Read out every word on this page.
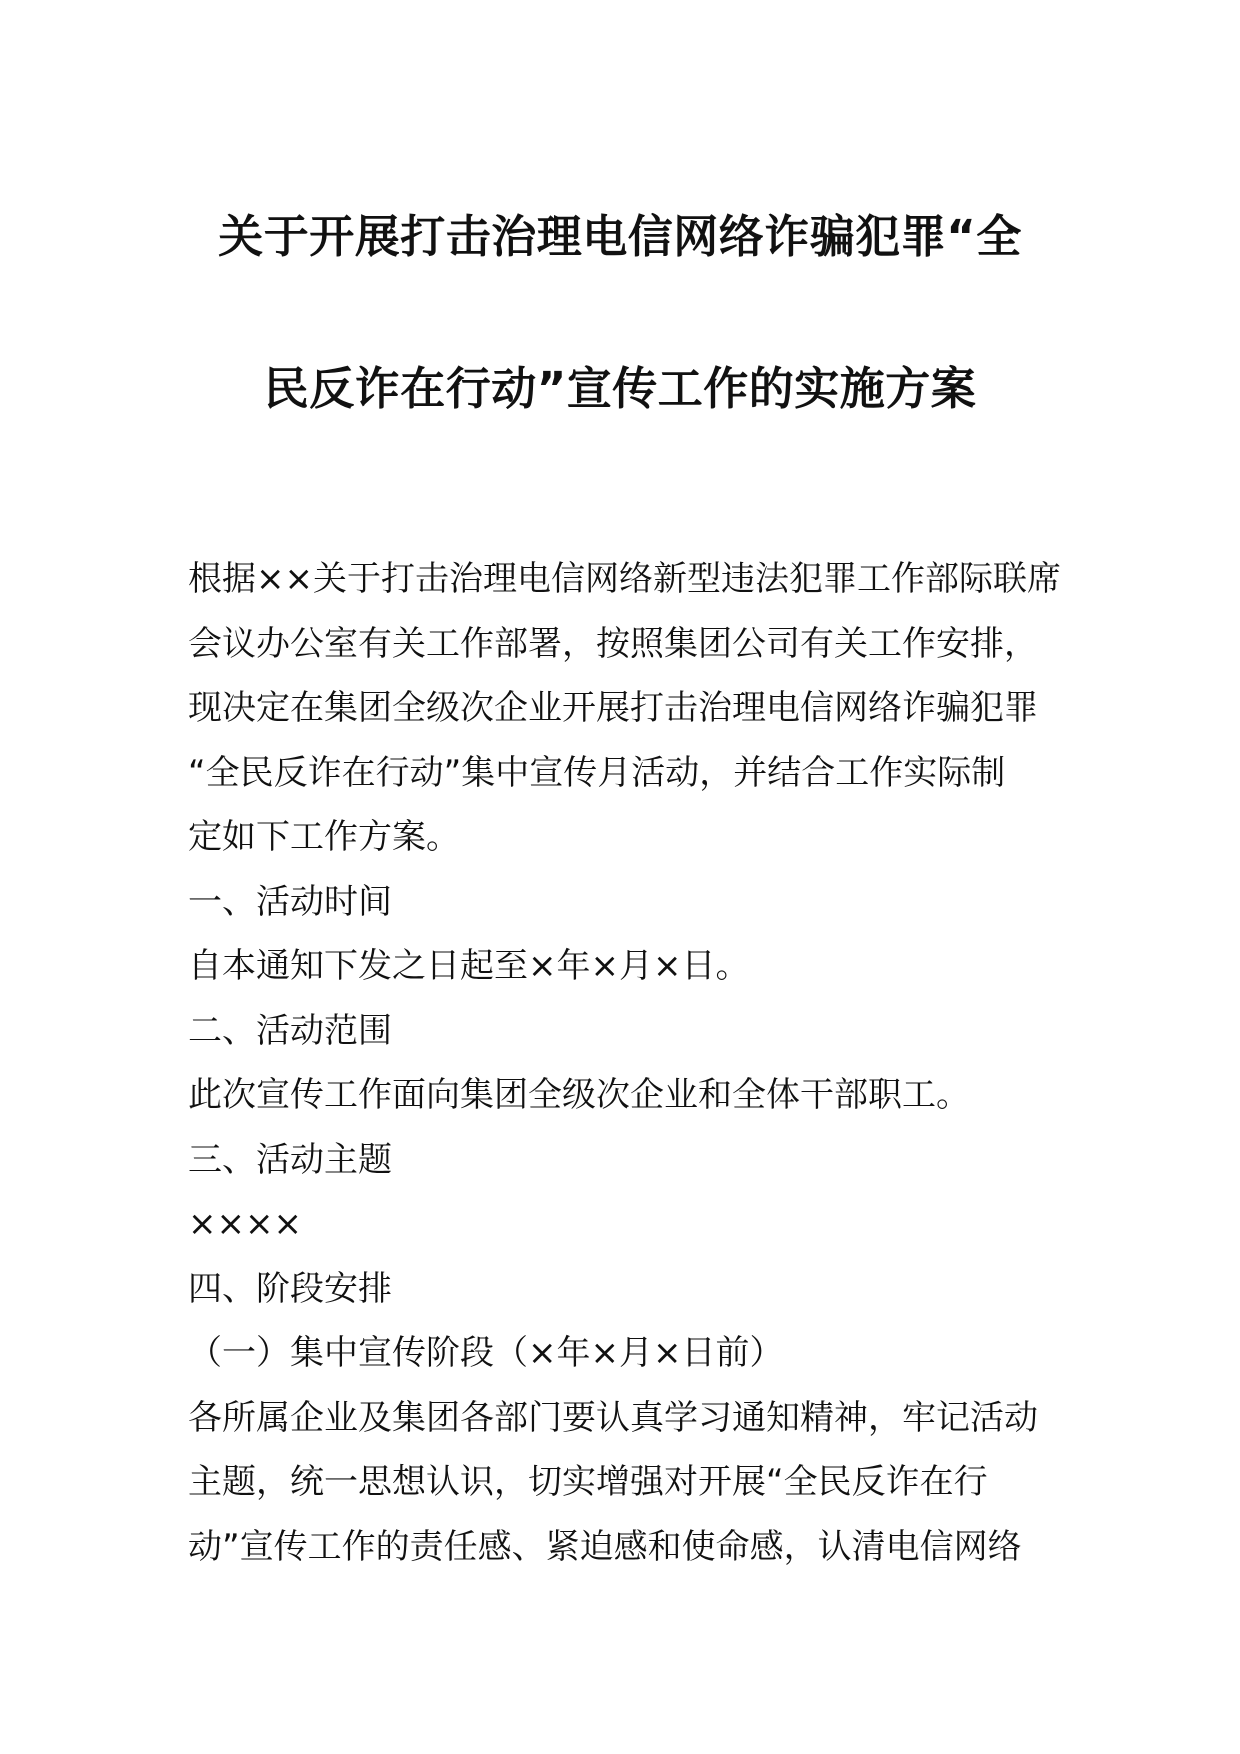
关于开展打击治理电信网络诈骗犯罪“全
民反诈在行动”宣传工作的实施方案
根据××关于打击治理电信网络新型违法犯罪工作部际联席
会议办公室有关工作部署，按照集团公司有关工作安排，
现决定在集团全级次企业开展打击治理电信网络诈骗犯罪
“全民反诈在行动”集中宣传月活动，并结合工作实际制
定如下工作方案。
一、活动时间
自本通知下发之日起至×年×月×日。
二、活动范围
此次宣传工作面向集团全级次企业和全体干部职工。
三、活动主题
××××
四、阶段安排
（一）集中宣传阶段（×年×月×日前）
各所属企业及集团各部门要认真学习通知精神，牢记活动
主题，统一思想认识，切实增强对开展“全民反诈在行
动”宣传工作的责任感、紧迫感和使命感，认清电信网络
